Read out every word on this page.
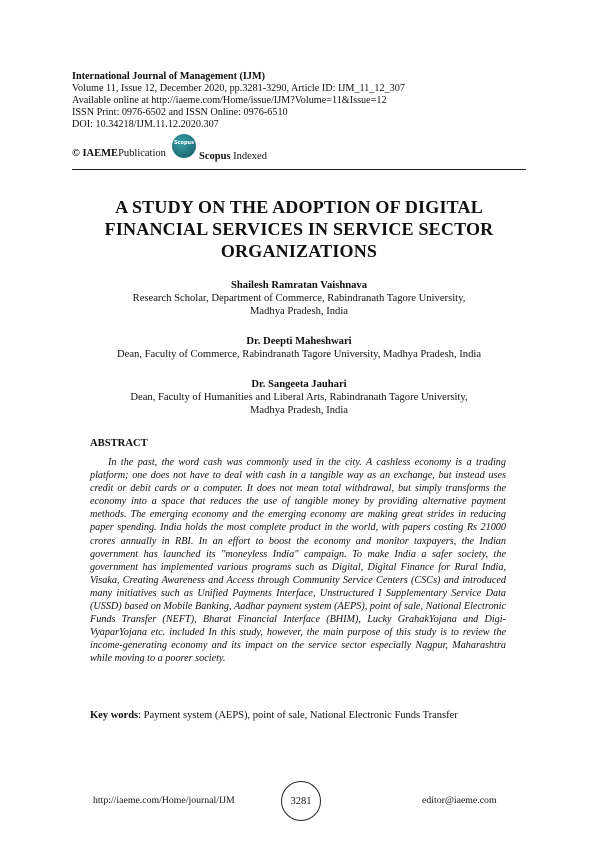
International Journal of Management (IJM)
Volume 11, Issue 12, December 2020, pp.3281-3290, Article ID: IJM_11_12_307
Available online at http://iaeme.com/Home/issue/IJM?Volume=11&Issue=12
ISSN Print: 0976-6502 and ISSN Online: 0976-6510
DOI: 10.34218/IJM.11.12.2020.307
© IAEME Publication
Scopus
Scopus Indexed
A STUDY ON THE ADOPTION OF DIGITAL
FINANCIAL SERVICES IN SERVICE SECTOR
ORGANIZATIONS
Shailesh Ramratan Vaishnava
Research Scholar, Department of Commerce, Rabindranath Tagore University,
Madhya Pradesh, India
Dr. Deepti Maheshwari
Dean, Faculty of Commerce, Rabindranath Tagore University, Madhya Pradesh, India
Dr. Sangeeta Jauhari
Dean, Faculty of Humanities and Liberal Arts, Rabindranath Tagore University,
Madhya Pradesh, India
ABSTRACT
In the past, the word cash was commonly used in the city. A cashless economy is a trading platform; one does not have to deal with cash in a tangible way as an exchange, but instead uses credit or debit cards or a computer. It does not mean total withdrawal, but simply transforms the economy into a space that reduces the use of tangible money by providing alternative payment methods. The emerging economy and the emerging economy are making great strides in reducing paper spending. India holds the most complete product in the world, with papers costing Rs 21000 crores annually in RBI. In an effort to boost the economy and monitor taxpayers, the Indian government has launched its "moneyless India" campaign. To make India a safer society, the government has implemented various programs such as Digital, Digital Finance for Rural India, Visaka, Creating Awareness and Access through Community Service Centers (CSCs) and introduced many initiatives such as Unified Payments Interface, Unstructured I Supplementary Service Data (USSD) based on Mobile Banking, Aadhar payment system (AEPS), point of sale, National Electronic Funds Transfer (NEFT), Bharat Financial Interface (BHIM), Lucky GrahakYojana and Digi-VyaparYojana etc. included In this study, however, the main purpose of this study is to review the income-generating economy and its impact on the service sector especially Nagpur, Maharashtra while moving to a poorer society.
Key words: Payment system (AEPS), point of sale, National Electronic Funds Transfer
http://iaeme.com/Home/journal/IJM	3281	editor@iaeme.com
